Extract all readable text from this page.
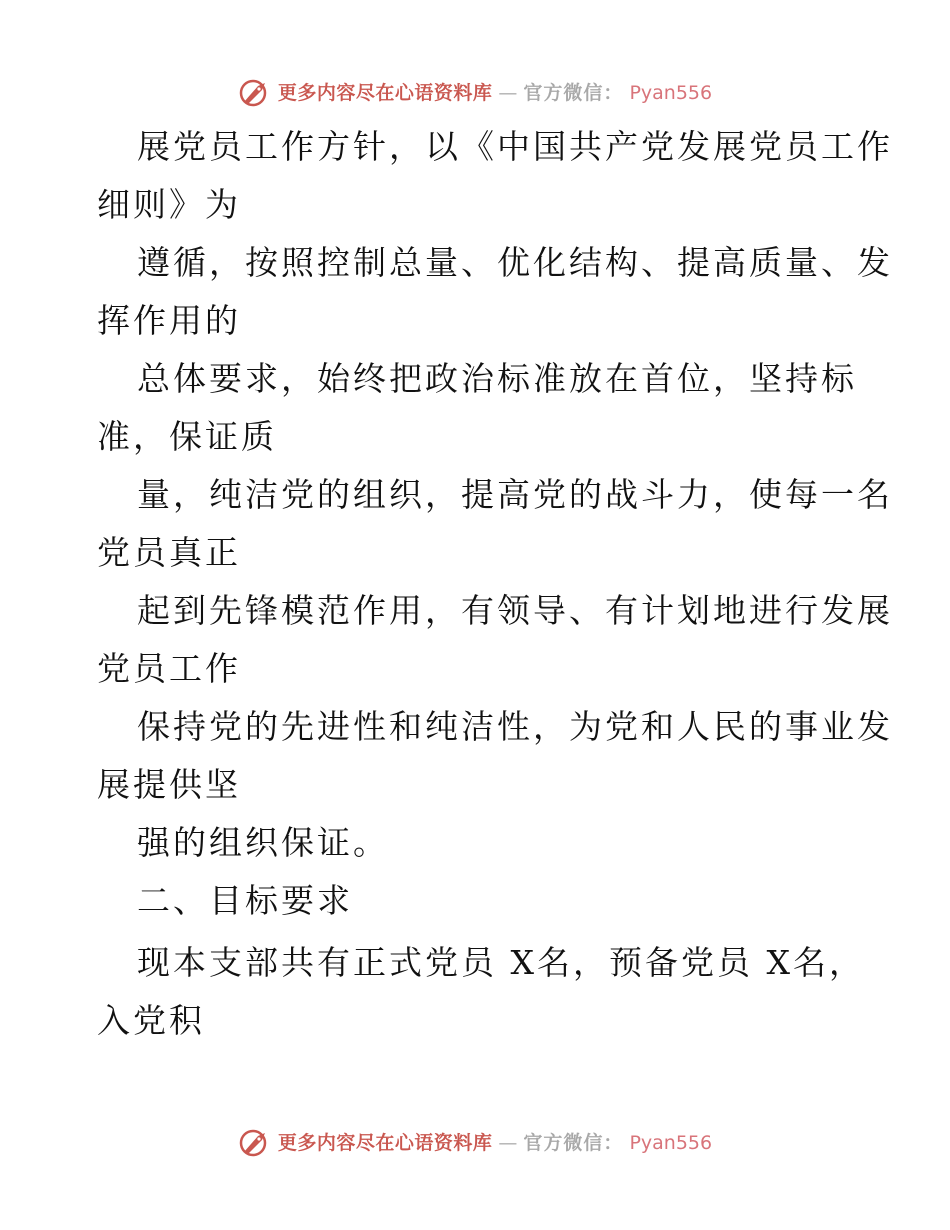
更多内容尽在心语资料库 — 官方微信： Pyan556
展党员工作方针，以《中国共产党发展党员工作
细则》为
遵循，按照控制总量、优化结构、提高质量、发
挥作用的
总体要求，始终把政治标准放在首位，坚持标
准，保证质
量，纯洁党的组织，提高党的战斗力，使每一名
党员真正
起到先锋模范作用，有领导、有计划地进行发展
党员工作
保持党的先进性和纯洁性，为党和人民的事业发
展提供坚
强的组织保证。
二、目标要求
现本支部共有正式党员 X名，预备党员 X名，
入党积
更多内容尽在心语资料库 — 官方微信： Pyan556
